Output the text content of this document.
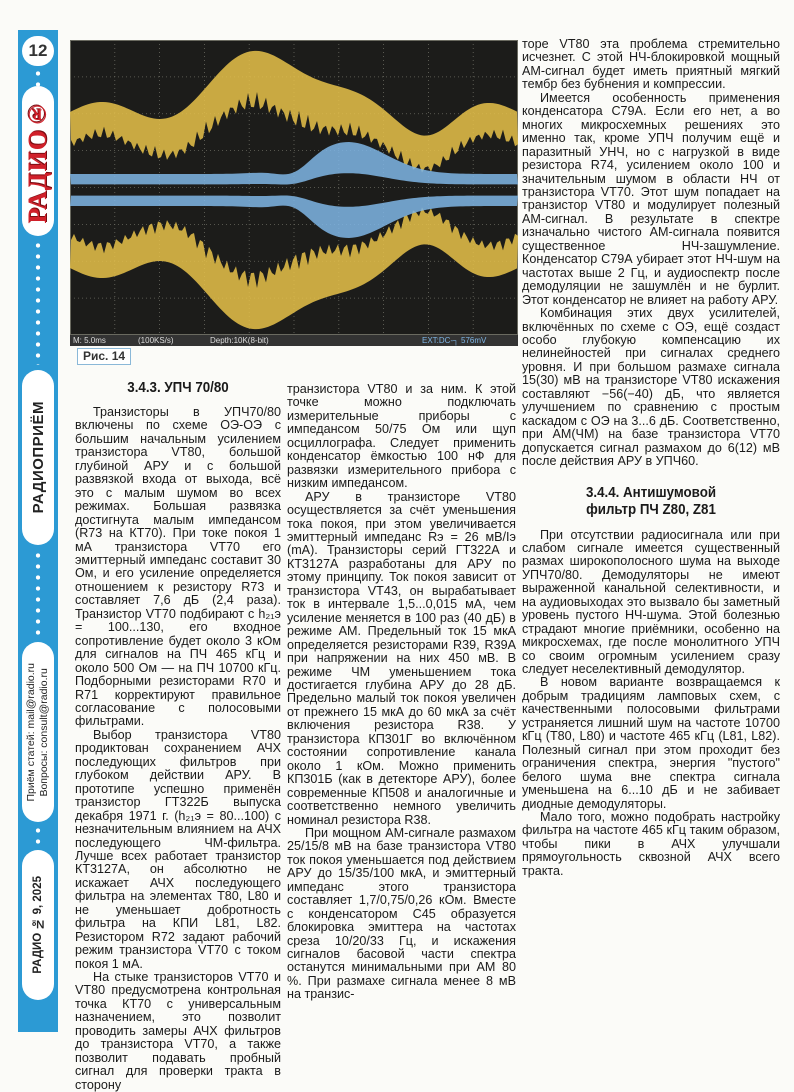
12
РАДИО®
РАДИОПРИЁМ
Приём статей: mail@radio.ru
Вопросы: consult@radio.ru
РАДИО № 9, 2025
M: 5.0ms	(100KS/s)	Depth:10K(8-bit)	EXT:DC-┐ 576mV
Рис. 14
3.4.3. УПЧ 70/80

Транзисторы в УПЧ70/80 включены по схеме ОЭ-ОЭ с большим начальным усилением транзистора VT80, большой глубиной АРУ и с большой развязкой входа от выхода, всё это с малым шумом во всех режимах. Большая развязка достигнута малым импедансом (R73 на КТ70). При токе покоя 1 мА транзистора VT70 его эмиттерный импеданс составит 30 Ом, и его усиление определяется отношением к резистору R73 и составляет 7,6 дБ (2,4 раза). Транзистор VT70 подбирают с h₂₁э = 100...130, его входное сопротивление будет около 3 кОм для сигналов на ПЧ 465 кГц и около 500 Ом — на ПЧ 10700 кГц. Подборными резисторами R70 и R71 корректируют правильное согласование с полосовыми фильтрами.

Выбор транзистора VT80 продиктован сохранением АЧХ последующих фильтров при глубоком действии АРУ. В прототипе успешно применён транзистор ГТ322Б выпуска декабря 1971 г. (h₂₁э = 80...100) с незначительным влиянием на АЧХ последующего ЧМ-фильтра. Лучше всех работает транзистор КТ3127А, он абсолютно не искажает АЧХ последующего фильтра на элементах Т80, L80 и не уменьшает добротность фильтра на КПИ L81, L82. Резистором R72 задают рабочий режим транзистора VT70 с током покоя 1 мА.

На стыке транзисторов VT70 и VT80 предусмотрена контрольная точка КТ70 с универсальным назначением, это позволит проводить замеры АЧХ фильтров до транзистора VT70, а также позволит подавать пробный сигнал для проверки тракта в сторону

транзистора VT80 и за ним. К этой точке можно подключать измерительные приборы с импедансом 50/75 Ом или щуп осциллографа. Следует применить конденсатор ёмкостью 100 нФ для развязки измерительного прибора с низким импедансом.

АРУ в транзисторе VT80 осуществляется за счёт уменьшения тока покоя, при этом увеличивается эмиттерный импеданс Rэ = 26 мВ/Iэ (mA). Транзисторы серий ГТ322А и КТ3127А разработаны для АРУ по этому принципу. Ток покоя зависит от транзистора VT43, он вырабатывает ток в интервале 1,5...0,015 мА, чем усиление меняется в 100 раз (40 дБ) в режиме АМ. Предельный ток 15 мкА определяется резисторами R39, R39A при напряжении на них 450 мВ. В режиме ЧМ уменьшением тока достигается глубина АРУ до 28 дБ. Предельно малый ток покоя увеличен от прежнего 15 мкА до 60 мкА за счёт включения резистора R38. У транзистора КП301Г во включённом состоянии сопротивление канала около 1 кОм. Можно применить КП301Б (как в детекторе АРУ), более современные КП508 и аналогичные и соответственно немного увеличить номинал резистора R38.

При мощном АМ-сигнале размахом 25/15/8 мВ на базе транзистора VT80 ток покоя уменьшается под действием АРУ до 15/35/100 мкА, и эмиттерный импеданс этого транзистора составляет 1,7/0,75/0,26 кОм. Вместе с конденсатором С45 образуется блокировка эмиттера на частотах среза 10/20/33 Гц, и искажения сигналов басовой части спектра останутся минимальными при АМ 80 %. При размахе сигнала менее 8 мВ на транзис-

торе VT80 эта проблема стремительно исчезнет. С этой НЧ-блокировкой мощный АМ-сигнал будет иметь приятный мягкий тембр без бубнения и компрессии.

Имеется особенность применения конденсатора С79А. Если его нет, а во многих микросхемных решениях это именно так, кроме УПЧ получим ещё и паразитный УНЧ, но с нагрузкой в виде резистора R74, усилением около 100 и значительным шумом в области НЧ от транзистора VT70. Этот шум попадает на транзистор VT80 и модулирует полезный АМ-сигнал. В результате в спектре изначально чистого АМ-сигнала появится существенное НЧ-зашумление. Конденсатор С79А убирает этот НЧ-шум на частотах выше 2 Гц, и аудиоспектр после демодуляции не зашумлён и не бурлит. Этот конденсатор не влияет на работу АРУ.

Комбинация этих двух усилителей, включённых по схеме с ОЭ, ещё создаст особо глубокую компенсацию их нелинейностей при сигналах среднего уровня. И при большом размахе сигнала 15(30) мВ на транзисторе VT80 искажения составляют −56(−40) дБ, что является улучшением по сравнению с простым каскадом с ОЭ на 3...6 дБ. Соответственно, при АМ(ЧМ) на базе транзистора VT70 допускается сигнал размахом до 6(12) мВ после действия АРУ в УПЧ60.

3.4.4. Антишумовой
фильтр ПЧ Z80, Z81

При отсутствии радиосигнала или при слабом сигнале имеется существенный размах широкополосного шума на выходе УПЧ70/80. Демодуляторы не имеют выраженной канальной селективности, и на аудиовыходах это вызвало бы заметный уровень пустого НЧ-шума. Этой болезнью страдают многие приёмники, особенно на микросхемах, где после монолитного УПЧ со своим огромным усилением сразу следует неселективный демодулятор.

В новом варианте возвращаемся к добрым традициям ламповых схем, с качественными полосовыми фильтрами устраняется лишний шум на частоте 10700 кГц (Т80, L80) и частоте 465 кГц (L81, L82). Полезный сигнал при этом проходит без ограничения спектра, энергия "пустого" белого шума вне спектра сигнала уменьшена на 6...10 дБ и не забивает диодные демодуляторы.

Мало того, можно подобрать настройку фильтра на частоте 465 кГц таким образом, чтобы пики в АЧХ улучшали прямоугольность сквозной АЧХ всего тракта.
